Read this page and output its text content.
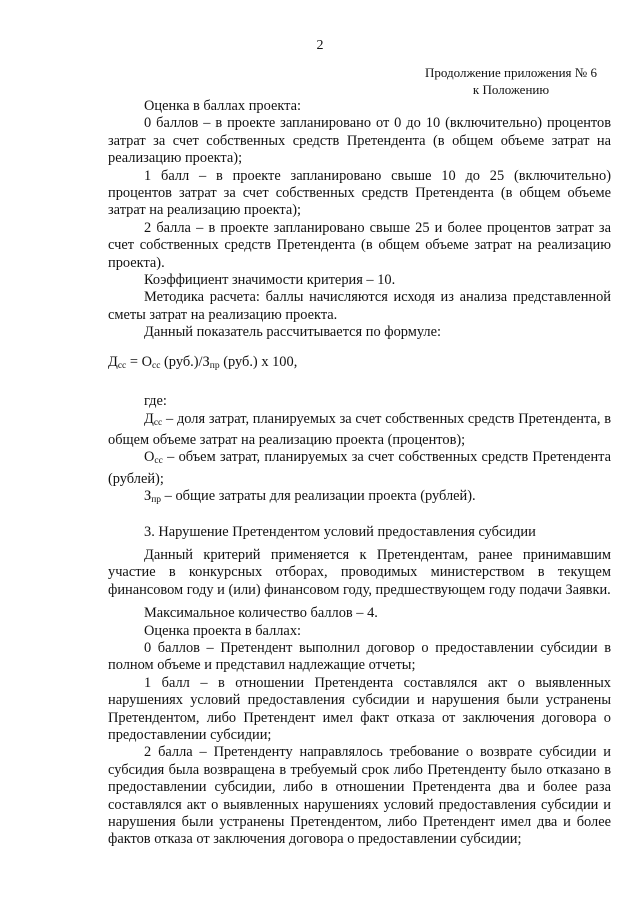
2
Продолжение приложения № 6
к Положению

Оценка в баллах проекта:

0 баллов – в проекте запланировано от 0 до 10 (включительно) процентов затрат за счет собственных средств Претендента (в общем объеме затрат на реализацию проекта);

1 балл – в проекте запланировано свыше 10 до 25 (включительно) процентов затрат за счет собственных средств Претендента (в общем объеме затрат на реализацию проекта);

2 балла – в проекте запланировано свыше 25 и более процентов затрат за счет собственных средств Претендента (в общем объеме затрат на реализацию проекта).

Коэффициент значимости критерия – 10.

Методика расчета: баллы начисляются исходя из анализа представленной сметы затрат на реализацию проекта.

Данный показатель рассчитывается по формуле:

$Д_{сс} = О_{сс}$ $(руб.)/З_{пр}$ (руб.) х 100,

где:

$Д_{сс}$ – доля затрат, планируемых за счет собственных средств Претендента, в общем объеме затрат на реализацию проекта (процентов);

$О_{сс}$ – объем затрат, планируемых за счет собственных средств Претендента (рублей);

$З_{пр}$ – общие затраты для реализации проекта (рублей).

3. Нарушение Претендентом условий предоставления субсидии

Данный критерий применяется к Претендентам, ранее принимавшим участие в конкурсных отборах, проводимых министерством в текущем финансовом году и (или) финансовом году, предшествующем году подачи Заявки.

Максимальное количество баллов – 4.

Оценка проекта в баллах:

0 баллов – Претендент выполнил договор о предоставлении субсидии в полном объеме и представил надлежащие отчеты;

1 балл – в отношении Претендента составлялся акт о выявленных нарушениях условий предоставления субсидии и нарушения были устранены Претендентом, либо Претендент имел факт отказа от заключения договора о предоставлении субсидии;

2 балла – Претенденту направлялось требование о возврате субсидии и субсидия была возвращена в требуемый срок либо Претенденту было отказано в предоставлении субсидии, либо в отношении Претендента два и более раза составлялся акт о выявленных нарушениях условий предоставления субсидии и нарушения были устранены Претендентом, либо Претендент имел два и более фактов отказа от заключения договора о предоставлении субсидии;
